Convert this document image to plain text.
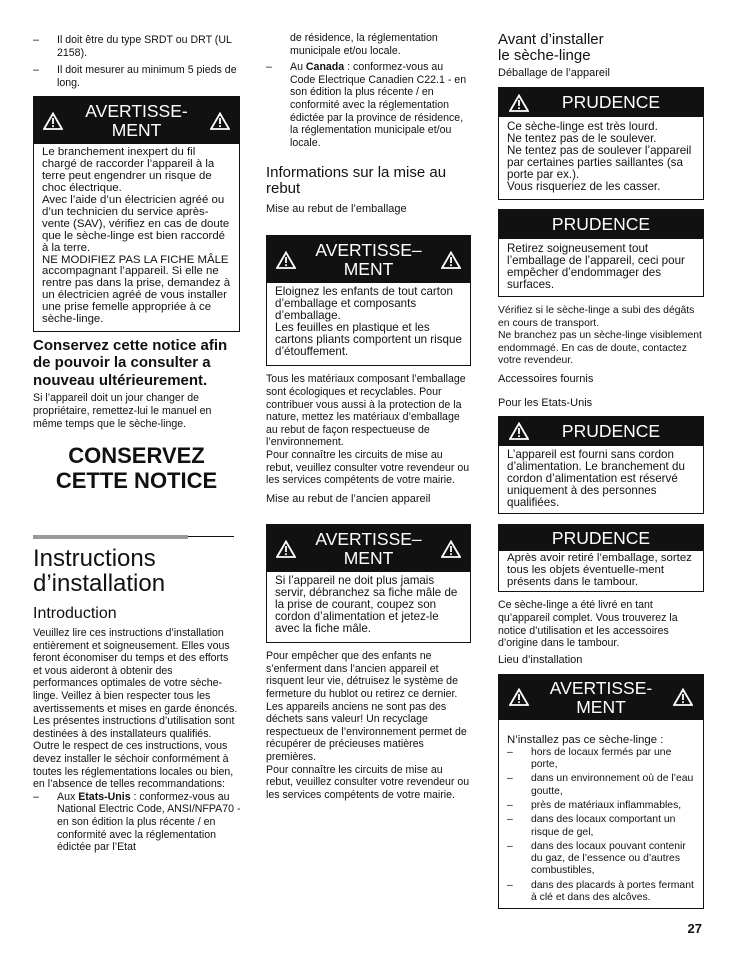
– Il doit être du type SRDT ou DRT (UL 2158).
– Il doit mesurer au minimum 5 pieds de long.
AVERTISSE-
MENT
Le branchement inexpert du fil chargé de raccorder l’appareil à la terre peut engendrer un risque de choc électrique.
Avec l’aide d’un électricien agréé ou d’un technicien du service après-vente (SAV), vérifiez en cas de doute que le sèche-linge est bien raccordé à la terre.
NE MODIFIEZ PAS LA FICHE MÂLE accompagnant l’appareil. Si elle ne rentre pas dans la prise, demandez à un électricien agréé de vous installer une prise femelle appropriée à ce sèche-linge.
Conservez cette notice afin de pouvoir la consulter a nouveau ultérieurement.

Si l’appareil doit un jour changer de propriétaire, remettez-lui le manuel en même temps que le sèche-linge.

CONSERVEZ
CETTE NOTICE
Instructions
d’installation
Introduction

Veuillez lire ces instructions d’installation entièrement et soigneusement. Elles vous feront économiser du temps et des efforts et vous aideront à obtenir des performances optimales de votre sèche-linge. Veillez à bien respecter tous les avertissements et mises en garde énoncés.
Les présentes instructions d’utilisation sont destinées à des installateurs qualifiés. Outre le respect de ces instructions, vous devez installer le séchoir conformément à toutes les réglementations locales ou bien, en l’absence de telles recommandations:

– Aux Etats-Unis : conformez-vous au National Electric Code, ANSI/NFPA70 - en son édition la plus récente / en conformité avec la réglementation édictée par l’Etat

de résidence, la réglementation municipale et/ou locale.

– Au Canada : conformez-vous au Code Electrique Canadien C22.1 - en son édition la plus récente / en conformité avec la réglementation édictée par la province de résidence, la réglementation municipale et/ou locale.
Informations sur la mise au rebut
Mise au rebut de l’emballage
AVERTISSE–
MENT
Eloignez les enfants de tout carton d’emballage et composants d’emballage.
Les feuilles en plastique et les cartons pliants comportent un risque d’étouffement.

Tous les matériaux composant l’emballage sont écologiques et recyclables. Pour contribuer vous aussi à la protection de la nature, mettez les matériaux d’emballage au rebut de façon respectueuse de l’environnement.
Pour connaître les circuits de mise au rebut, veuillez consulter votre revendeur ou les services compétents de votre mairie.

Mise au rebut de l’ancien appareil
AVERTISSE–
MENT
Si l’appareil ne doit plus jamais servir, débranchez sa fiche mâle de la prise de courant, coupez son cordon d’alimentation et jetez-le avec la fiche mâle.

Pour empêcher que des enfants ne s’enferment dans l’ancien appareil et risquent leur vie, détruisez le système de fermeture du hublot ou retirez ce dernier.
Les appareils anciens ne sont pas des déchets sans valeur! Un recyclage respectueux de l’environnement permet de récupérer de précieuses matières premières.
Pour connaître les circuits de mise au rebut, veuillez consulter votre revendeur ou les services compétents de votre mairie.

Avant d’installer
le sèche-linge
Déballage de l’appareil
PRUDENCE
Ce sèche-linge est très lourd.
Ne tentez pas de le soulever.
Ne tentez pas de soulever l’appareil par certaines parties saillantes (sa porte par ex.).
Vous risqueriez de les casser.
PRUDENCE
Retirez soigneusement tout l’emballage de l’appareil, ceci pour empêcher d’endommager des surfaces.

Vérifiez si le sèche-linge a subi des dégâts en cours de transport.
Ne branchez pas un sèche-linge visiblement endommagé. En cas de doute, contactez votre revendeur.

Accessoires fournis
Pour les Etats-Unis
PRUDENCE
L’appareil est fourni sans cordon d’alimentation. Le branchement du cordon d’alimentation est réservé uniquement à des personnes qualifiées.
PRUDENCE
Après avoir retiré l’emballage, sortez tous les objets éventuelle-ment présents dans le tambour.

Ce sèche-linge a été livré en tant qu’appareil complet. Vous trouverez la notice d’utilisation et les accessoires d’origine dans le tambour.

Lieu d’installation
AVERTISSE-
MENT

N’installez pas ce sèche-linge :

– hors de locaux fermés par une porte,
– dans un environnement où de l’eau goutte,
– près de matériaux inflammables,
– dans des locaux comportant un risque de gel,
– dans des locaux pouvant contenir du gaz, de l’essence ou d’autres combustibles,
– dans des placards à portes fermant à clé et dans des alcôves.
27
